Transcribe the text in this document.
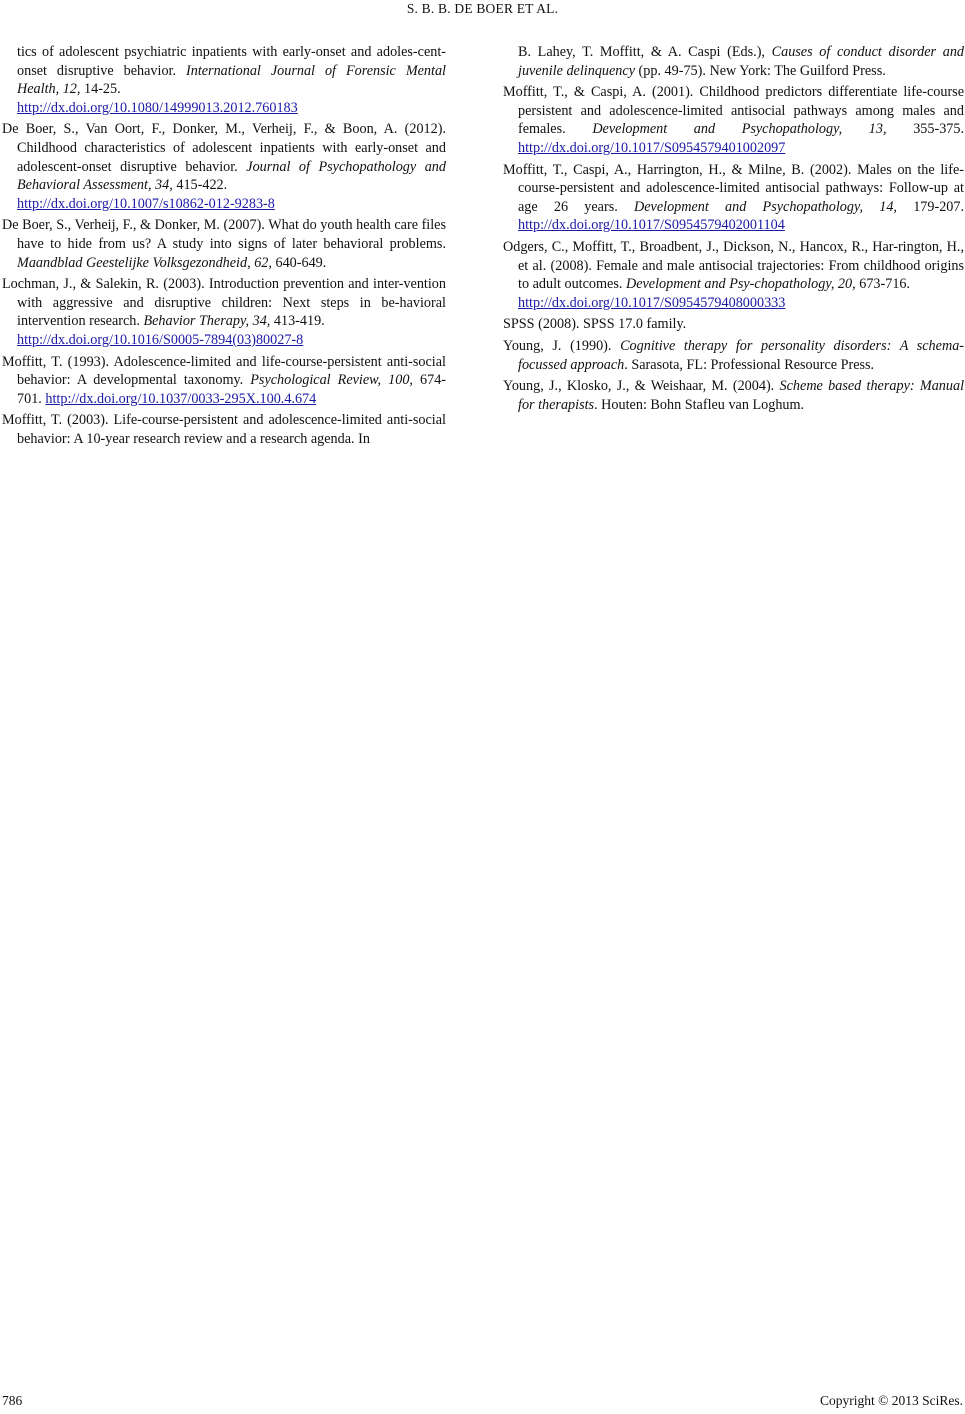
S. B. B. DE BOER ET AL.

tics of adolescent psychiatric inpatients with early-onset and adoles-cent-onset disruptive behavior. International Journal of Forensic Mental Health, 12, 14-25.
http://dx.doi.org/10.1080/14999013.2012.760183

De Boer, S., Van Oort, F., Donker, M., Verheij, F., & Boon, A. (2012). Childhood characteristics of adolescent inpatients with early-onset and adolescent-onset disruptive behavior. Journal of Psychopathology and Behavioral Assessment, 34, 415-422.
http://dx.doi.org/10.1007/s10862-012-9283-8

De Boer, S., Verheij, F., & Donker, M. (2007). What do youth health care files have to hide from us? A study into signs of later behavioral problems. Maandblad Geestelijke Volksgezondheid, 62, 640-649.

Lochman, J., & Salekin, R. (2003). Introduction prevention and inter-vention with aggressive and disruptive children: Next steps in be-havioral intervention research. Behavior Therapy, 34, 413-419.
http://dx.doi.org/10.1016/S0005-7894(03)80027-8

Moffitt, T. (1993). Adolescence-limited and life-course-persistent anti-social behavior: A developmental taxonomy. Psychological Review, 100, 674-701. http://dx.doi.org/10.1037/0033-295X.100.4.674

Moffitt, T. (2003). Life-course-persistent and adolescence-limited anti-social behavior: A 10-year research review and a research agenda. In

B. Lahey, T. Moffitt, & A. Caspi (Eds.), Causes of conduct disorder and juvenile delinquency (pp. 49-75). New York: The Guilford Press.

Moffitt, T., & Caspi, A. (2001). Childhood predictors differentiate life-course persistent and adolescence-limited antisocial pathways among males and females. Development and Psychopathology, 13, 355-375. http://dx.doi.org/10.1017/S0954579401002097

Moffitt, T., Caspi, A., Harrington, H., & Milne, B. (2002). Males on the life-course-persistent and adolescence-limited antisocial pathways: Follow-up at age 26 years. Development and Psychopathology, 14, 179-207. http://dx.doi.org/10.1017/S0954579402001104

Odgers, C., Moffitt, T., Broadbent, J., Dickson, N., Hancox, R., Har-rington, H., et al. (2008). Female and male antisocial trajectories: From childhood origins to adult outcomes. Development and Psy-chopathology, 20, 673-716.
http://dx.doi.org/10.1017/S0954579408000333

SPSS (2008). SPSS 17.0 family.

Young, J. (1990). Cognitive therapy for personality disorders: A schema-focussed approach. Sarasota, FL: Professional Resource Press.

Young, J., Klosko, J., & Weishaar, M. (2004). Scheme based therapy: Manual for therapists. Houten: Bohn Stafleu van Loghum.

786	Copyright © 2013 SciRes.
